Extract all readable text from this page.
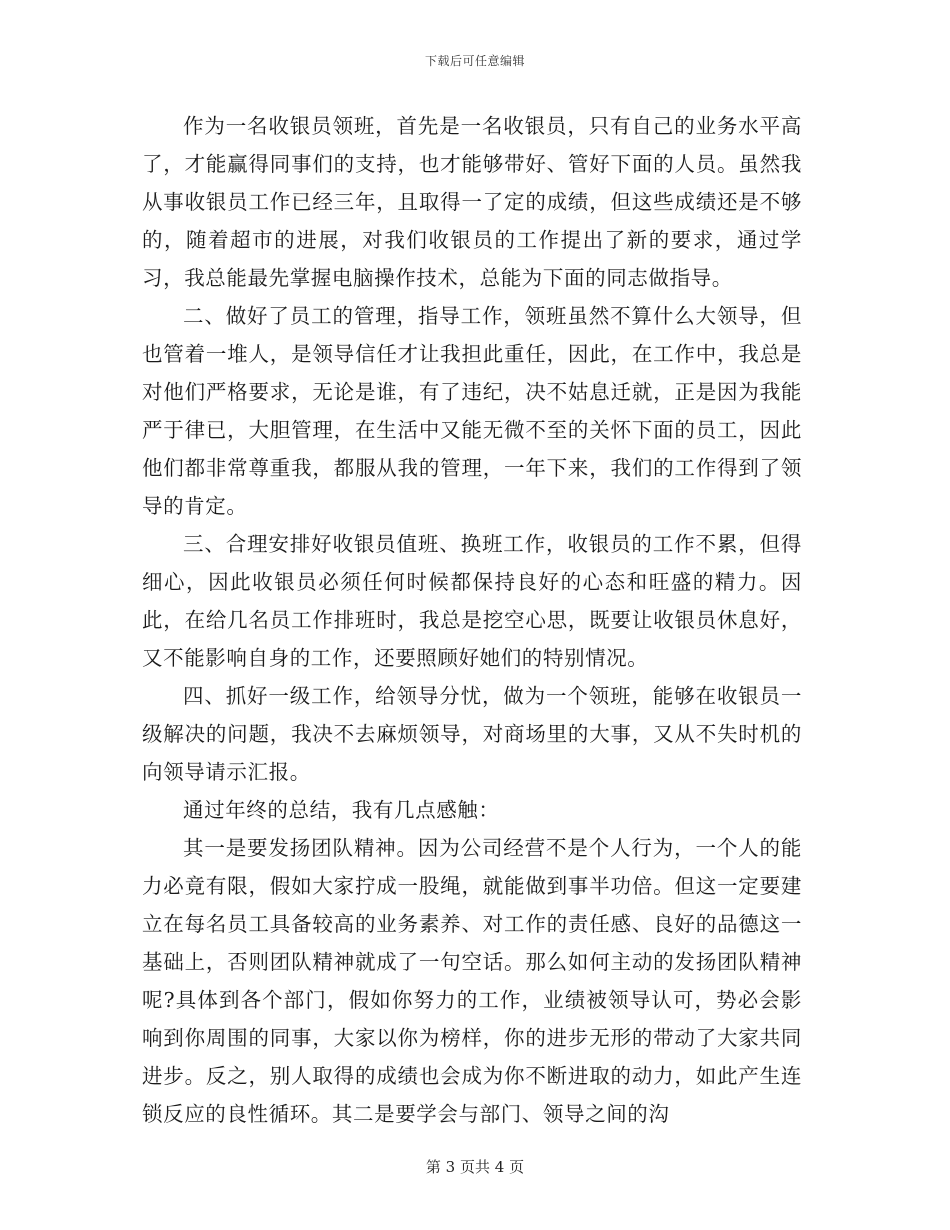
下载后可任意编辑

作为一名收银员领班，首先是一名收银员，只有自己的业务水平高了，才能赢得同事们的支持，也才能够带好、管好下面的人员。虽然我从事收银员工作已经三年，且取得一了定的成绩，但这些成绩还是不够的，随着超市的进展，对我们收银员的工作提出了新的要求，通过学习，我总能最先掌握电脑操作技术，总能为下面的同志做指导。

二、做好了员工的管理，指导工作，领班虽然不算什么大领导，但也管着一堆人，是领导信任才让我担此重任，因此，在工作中，我总是对他们严格要求，无论是谁，有了违纪，决不姑息迁就，正是因为我能严于律已，大胆管理，在生活中又能无微不至的关怀下面的员工，因此他们都非常尊重我，都服从我的管理，一年下来，我们的工作得到了领导的肯定。

三、合理安排好收银员值班、换班工作，收银员的工作不累，但得细心，因此收银员必须任何时候都保持良好的心态和旺盛的精力。因此，在给几名员工作排班时，我总是挖空心思，既要让收银员休息好，又不能影响自身的工作，还要照顾好她们的特别情况。

四、抓好一级工作，给领导分忧，做为一个领班，能够在收银员一级解决的问题，我决不去麻烦领导，对商场里的大事，又从不失时机的向领导请示汇报。

通过年终的总结，我有几点感触：

其一是要发扬团队精神。因为公司经营不是个人行为，一个人的能力必竟有限，假如大家拧成一股绳，就能做到事半功倍。但这一定要建立在每名员工具备较高的业务素养、对工作的责任感、良好的品德这一基础上，否则团队精神就成了一句空话。那么如何主动的发扬团队精神呢?具体到各个部门，假如你努力的工作，业绩被领导认可，势必会影响到你周围的同事，大家以你为榜样，你的进步无形的带动了大家共同进步。反之，别人取得的成绩也会成为你不断进取的动力，如此产生连锁反应的良性循环。其二是要学会与部门、领导之间的沟

第 3 页共 4 页
